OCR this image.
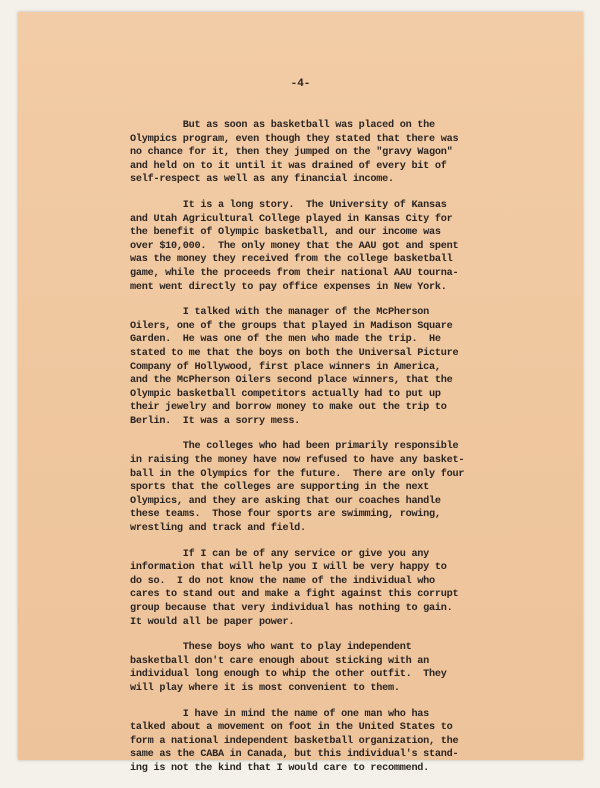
-4-
But as soon as basketball was placed on the
Olympics program, even though they stated that there was
no chance for it, then they jumped on the "gravy Wagon"
and held on to it until it was drained of every bit of
self-respect as well as any financial income.
It is a long story.  The University of Kansas
and Utah Agricultural College played in Kansas City for
the benefit of Olympic basketball, and our income was
over $10,000.  The only money that the AAU got and spent
was the money they received from the college basketball
game, while the proceeds from their national AAU tourna-
ment went directly to pay office expenses in New York.
I talked with the manager of the McPherson
Oilers, one of the groups that played in Madison Square
Garden.  He was one of the men who made the trip.  He
stated to me that the boys on both the Universal Picture
Company of Hollywood, first place winners in America,
and the McPherson Oilers second place winners, that the
Olympic basketball competitors actually had to put up
their jewelry and borrow money to make out the trip to
Berlin.  It was a sorry mess.
The colleges who had been primarily responsible
in raising the money have now refused to have any basket-
ball in the Olympics for the future.  There are only four
sports that the colleges are supporting in the next
Olympics, and they are asking that our coaches handle
these teams.  Those four sports are swimming, rowing,
wrestling and track and field.
If I can be of any service or give you any
information that will help you I will be very happy to
do so.  I do not know the name of the individual who
cares to stand out and make a fight against this corrupt
group because that very individual has nothing to gain.
It would all be paper power.
These boys who want to play independent
basketball don't care enough about sticking with an
individual long enough to whip the other outfit.  They
will play where it is most convenient to them.
I have in mind the name of one man who has
talked about a movement on foot in the United States to
form a national independent basketball organization, the
same as the CABA in Canada, but this individual's stand-
ing is not the kind that I would care to recommend.
